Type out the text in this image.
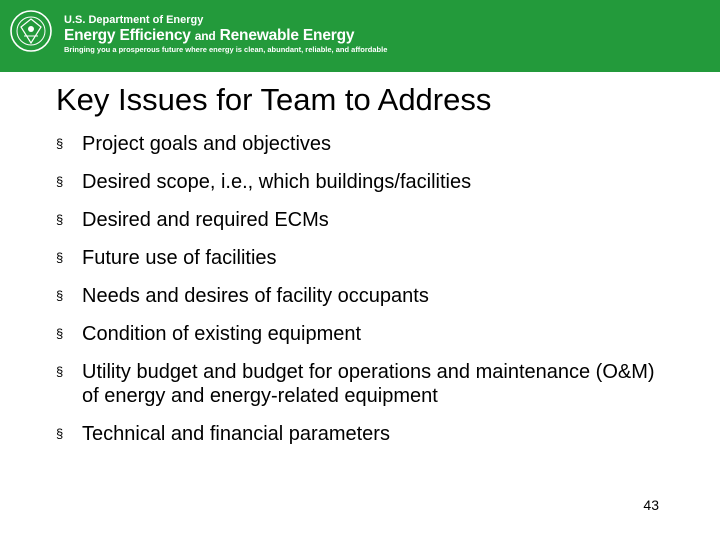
U.S. Department of Energy
Energy Efficiency and Renewable Energy
Bringing you a prosperous future where energy is clean, abundant, reliable, and affordable
Key Issues for Team to Address
§ Project goals and objectives
§ Desired scope, i.e., which buildings/facilities
§ Desired and required ECMs
§ Future use of facilities
§ Needs and desires of facility occupants
§ Condition of existing equipment
§ Utility budget and budget for operations and maintenance (O&M) of energy and energy-related equipment
§ Technical and financial parameters
43
